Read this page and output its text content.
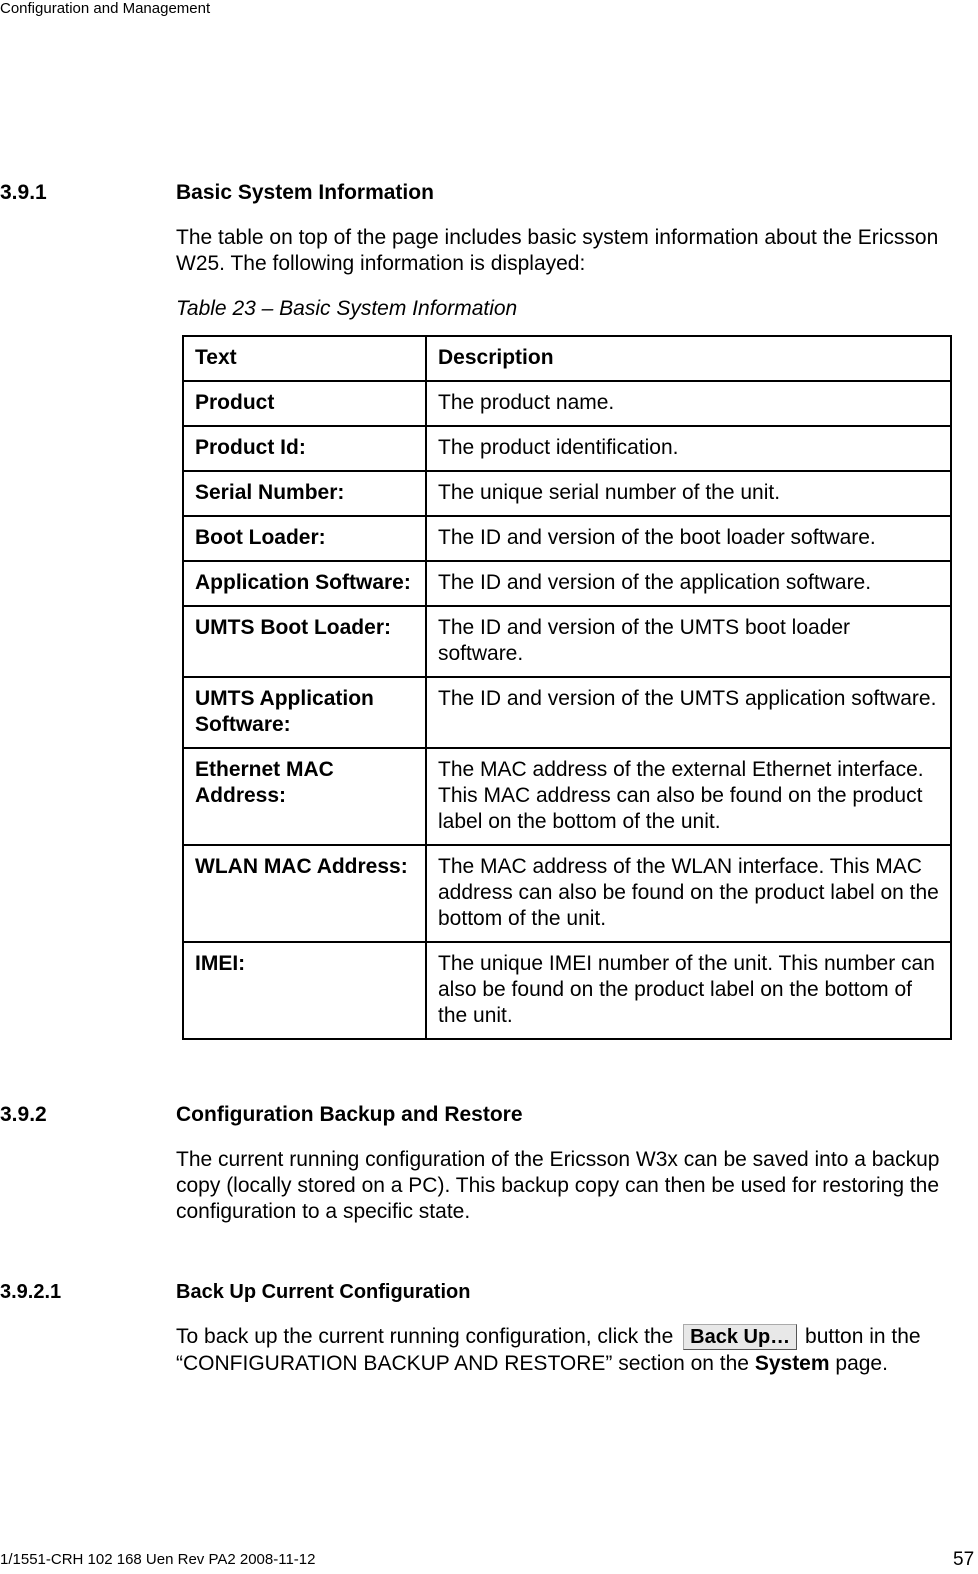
Configuration and Management
3.9.1	Basic System Information
The table on top of the page includes basic system information about the Ericsson W25. The following information is displayed:
Table 23 – Basic System Information
Text	Description
Product	The product name.
Product Id:	The product identification.
Serial Number:	The unique serial number of the unit.
Boot Loader:	The ID and version of the boot loader software.
Application Software:	The ID and version of the application software.
UMTS Boot Loader:	The ID and version of the UMTS boot loader software.
UMTS Application Software:	The ID and version of the UMTS application software.
Ethernet MAC Address:	The MAC address of the external Ethernet interface. This MAC address can also be found on the product label on the bottom of the unit.
WLAN MAC Address:	The MAC address of the WLAN interface. This MAC address can also be found on the product label on the bottom of the unit.
IMEI:	The unique IMEI number of the unit. This number can also be found on the product label on the bottom of the unit.
3.9.2	Configuration Backup and Restore
The current running configuration of the Ericsson W3x can be saved into a backup copy (locally stored on a PC). This backup copy can then be used for restoring the configuration to a specific state.
3.9.2.1	Back Up Current Configuration
To back up the current running configuration, click the Back Up… button in the “CONFIGURATION BACKUP AND RESTORE” section on the System page.
1/1551-CRH 102 168 Uen Rev PA2 2008-11-12	57
